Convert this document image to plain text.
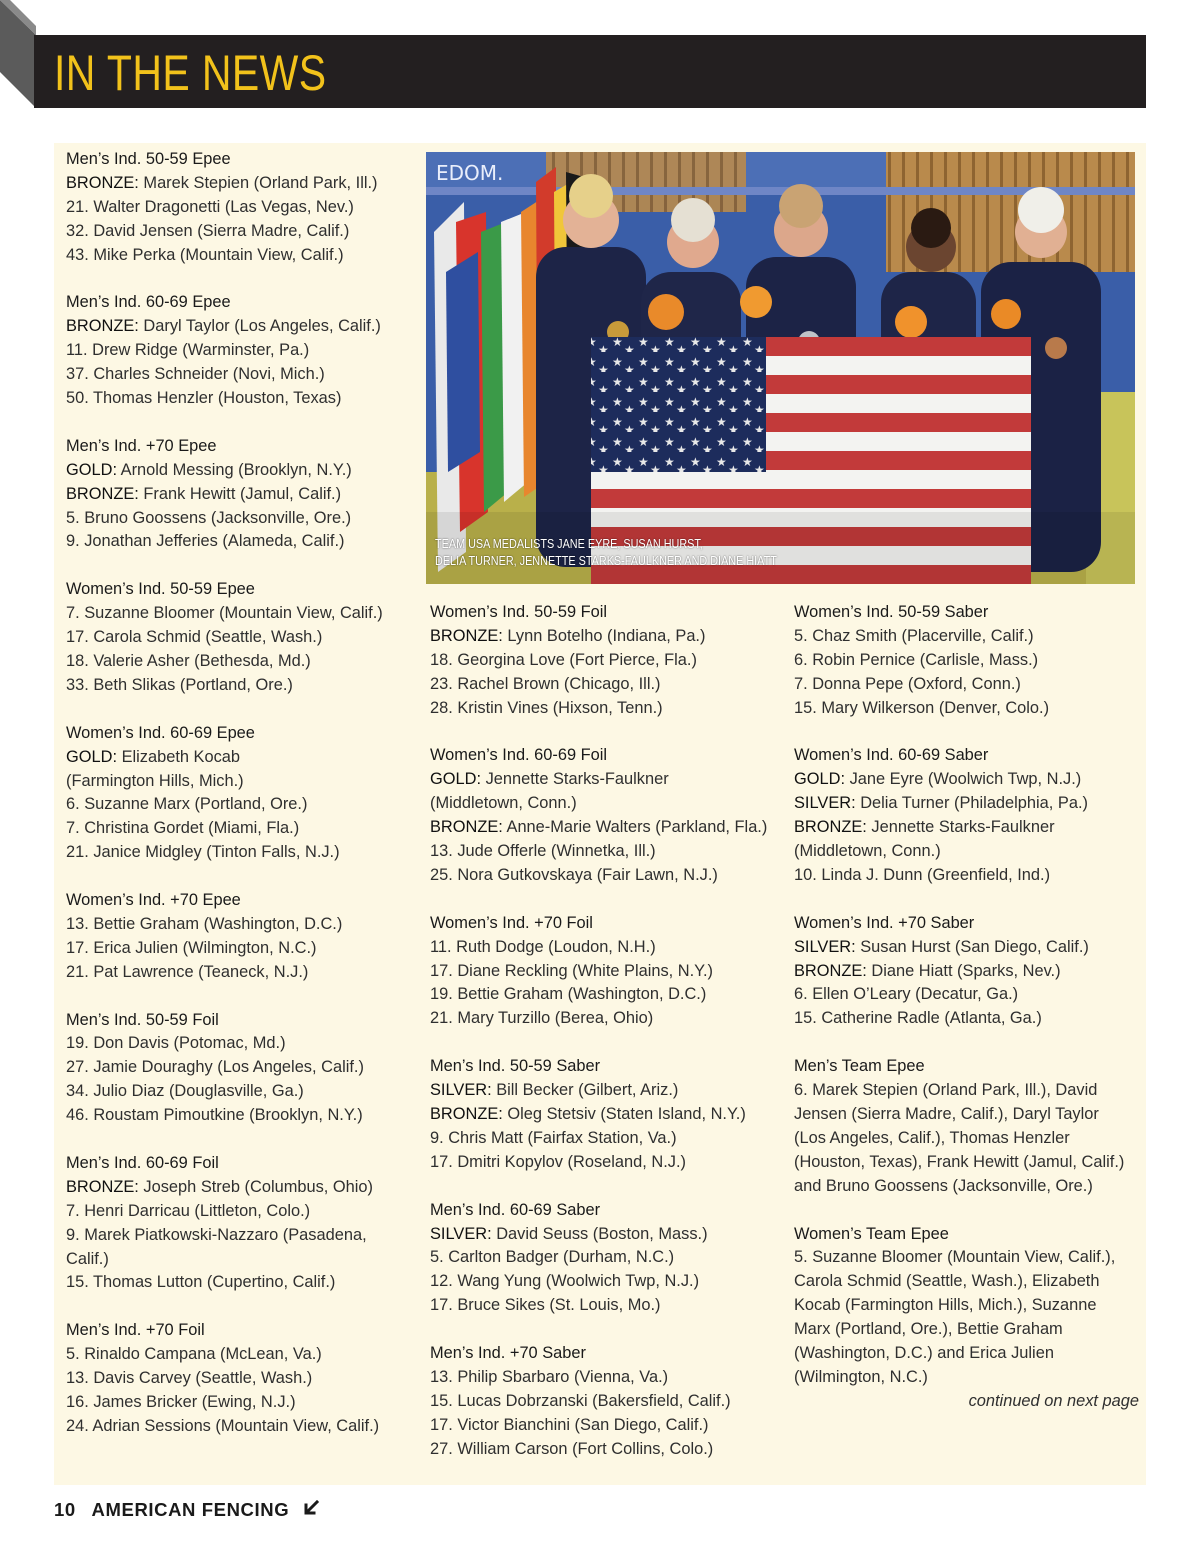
IN THE NEWS
EDOM.
TEAM USA MEDALISTS JANE EYRE, SUSAN HURST,
DELIA TURNER, JENNETTE STARKS-FAULKNER AND DIANE HIATT
Men’s Ind. 50-59 Epee
BRONZE: Marek Stepien (Orland Park, Ill.)
21. Walter Dragonetti (Las Vegas, Nev.)
32. David Jensen (Sierra Madre, Calif.)
43. Mike Perka (Mountain View, Calif.)
Men’s Ind. 60-69 Epee
BRONZE: Daryl Taylor (Los Angeles, Calif.)
11. Drew Ridge (Warminster, Pa.)
37. Charles Schneider (Novi, Mich.)
50. Thomas Henzler (Houston, Texas)
Men’s Ind. +70 Epee
GOLD: Arnold Messing (Brooklyn, N.Y.)
BRONZE: Frank Hewitt (Jamul, Calif.)
5. Bruno Goossens (Jacksonville, Ore.)
9. Jonathan Jefferies (Alameda, Calif.)
Women’s Ind. 50-59 Epee
7. Suzanne Bloomer (Mountain View, Calif.)
17. Carola Schmid (Seattle, Wash.)
18. Valerie Asher (Bethesda, Md.)
33. Beth Slikas (Portland, Ore.)
Women’s Ind. 60-69 Epee
GOLD: Elizabeth Kocab
(Farmington Hills, Mich.)
6. Suzanne Marx (Portland, Ore.)
7. Christina Gordet (Miami, Fla.)
21. Janice Midgley (Tinton Falls, N.J.)
Women’s Ind. +70 Epee
13. Bettie Graham (Washington, D.C.)
17. Erica Julien (Wilmington, N.C.)
21. Pat Lawrence (Teaneck, N.J.)
Men’s Ind. 50-59 Foil
19. Don Davis (Potomac, Md.)
27. Jamie Douraghy (Los Angeles, Calif.)
34. Julio Diaz (Douglasville, Ga.)
46. Roustam Pimoutkine (Brooklyn, N.Y.)
Men’s Ind. 60-69 Foil
BRONZE: Joseph Streb (Columbus, Ohio)
7. Henri Darricau (Littleton, Colo.)
9. Marek Piatkowski-Nazzaro (Pasadena,
Calif.)
15. Thomas Lutton (Cupertino, Calif.)
Men’s Ind. +70 Foil
5. Rinaldo Campana (McLean, Va.)
13. Davis Carvey (Seattle, Wash.)
16. James Bricker (Ewing, N.J.)
24. Adrian Sessions (Mountain View, Calif.)
Women’s Ind. 50-59 Foil
BRONZE: Lynn Botelho (Indiana, Pa.)
18. Georgina Love (Fort Pierce, Fla.)
23. Rachel Brown (Chicago, Ill.)
28. Kristin Vines (Hixson, Tenn.)
Women’s Ind. 60-69 Foil
GOLD: Jennette Starks-Faulkner
(Middletown, Conn.)
BRONZE: Anne-Marie Walters (Parkland, Fla.)
13. Jude Offerle (Winnetka, Ill.)
25. Nora Gutkovskaya (Fair Lawn, N.J.)
Women’s Ind. +70 Foil
11. Ruth Dodge (Loudon, N.H.)
17. Diane Reckling (White Plains, N.Y.)
19. Bettie Graham (Washington, D.C.)
21. Mary Turzillo (Berea, Ohio)
Men’s Ind. 50-59 Saber
SILVER: Bill Becker (Gilbert, Ariz.)
BRONZE: Oleg Stetsiv (Staten Island, N.Y.)
9. Chris Matt (Fairfax Station, Va.)
17. Dmitri Kopylov (Roseland, N.J.)
Men’s Ind. 60-69 Saber
SILVER: David Seuss (Boston, Mass.)
5. Carlton Badger (Durham, N.C.)
12. Wang Yung (Woolwich Twp, N.J.)
17. Bruce Sikes (St. Louis, Mo.)
Men’s Ind. +70 Saber
13. Philip Sbarbaro (Vienna, Va.)
15. Lucas Dobrzanski (Bakersfield, Calif.)
17. Victor Bianchini (San Diego, Calif.)
27. William Carson (Fort Collins, Colo.)
Women’s Ind. 50-59 Saber
5. Chaz Smith (Placerville, Calif.)
6. Robin Pernice (Carlisle, Mass.)
7. Donna Pepe (Oxford, Conn.)
15. Mary Wilkerson (Denver, Colo.)
Women’s Ind. 60-69 Saber
GOLD: Jane Eyre (Woolwich Twp, N.J.)
SILVER: Delia Turner (Philadelphia, Pa.)
BRONZE: Jennette Starks-Faulkner
(Middletown, Conn.)
10. Linda J. Dunn (Greenfield, Ind.)
Women’s Ind. +70 Saber
SILVER: Susan Hurst (San Diego, Calif.)
BRONZE: Diane Hiatt (Sparks, Nev.)
6. Ellen O’Leary (Decatur, Ga.)
15. Catherine Radle (Atlanta, Ga.)
Men’s Team Epee
6. Marek Stepien (Orland Park, Ill.), David
Jensen (Sierra Madre, Calif.), Daryl Taylor
(Los Angeles, Calif.), Thomas Henzler
(Houston, Texas), Frank Hewitt (Jamul, Calif.)
and Bruno Goossens (Jacksonville, Ore.)
Women’s Team Epee
5. Suzanne Bloomer (Mountain View, Calif.),
Carola Schmid (Seattle, Wash.), Elizabeth
Kocab (Farmington Hills, Mich.), Suzanne
Marx (Portland, Ore.), Bettie Graham
(Washington, D.C.) and Erica Julien
(Wilmington, N.C.)
continued on next page
10 AMERICAN FENCING
